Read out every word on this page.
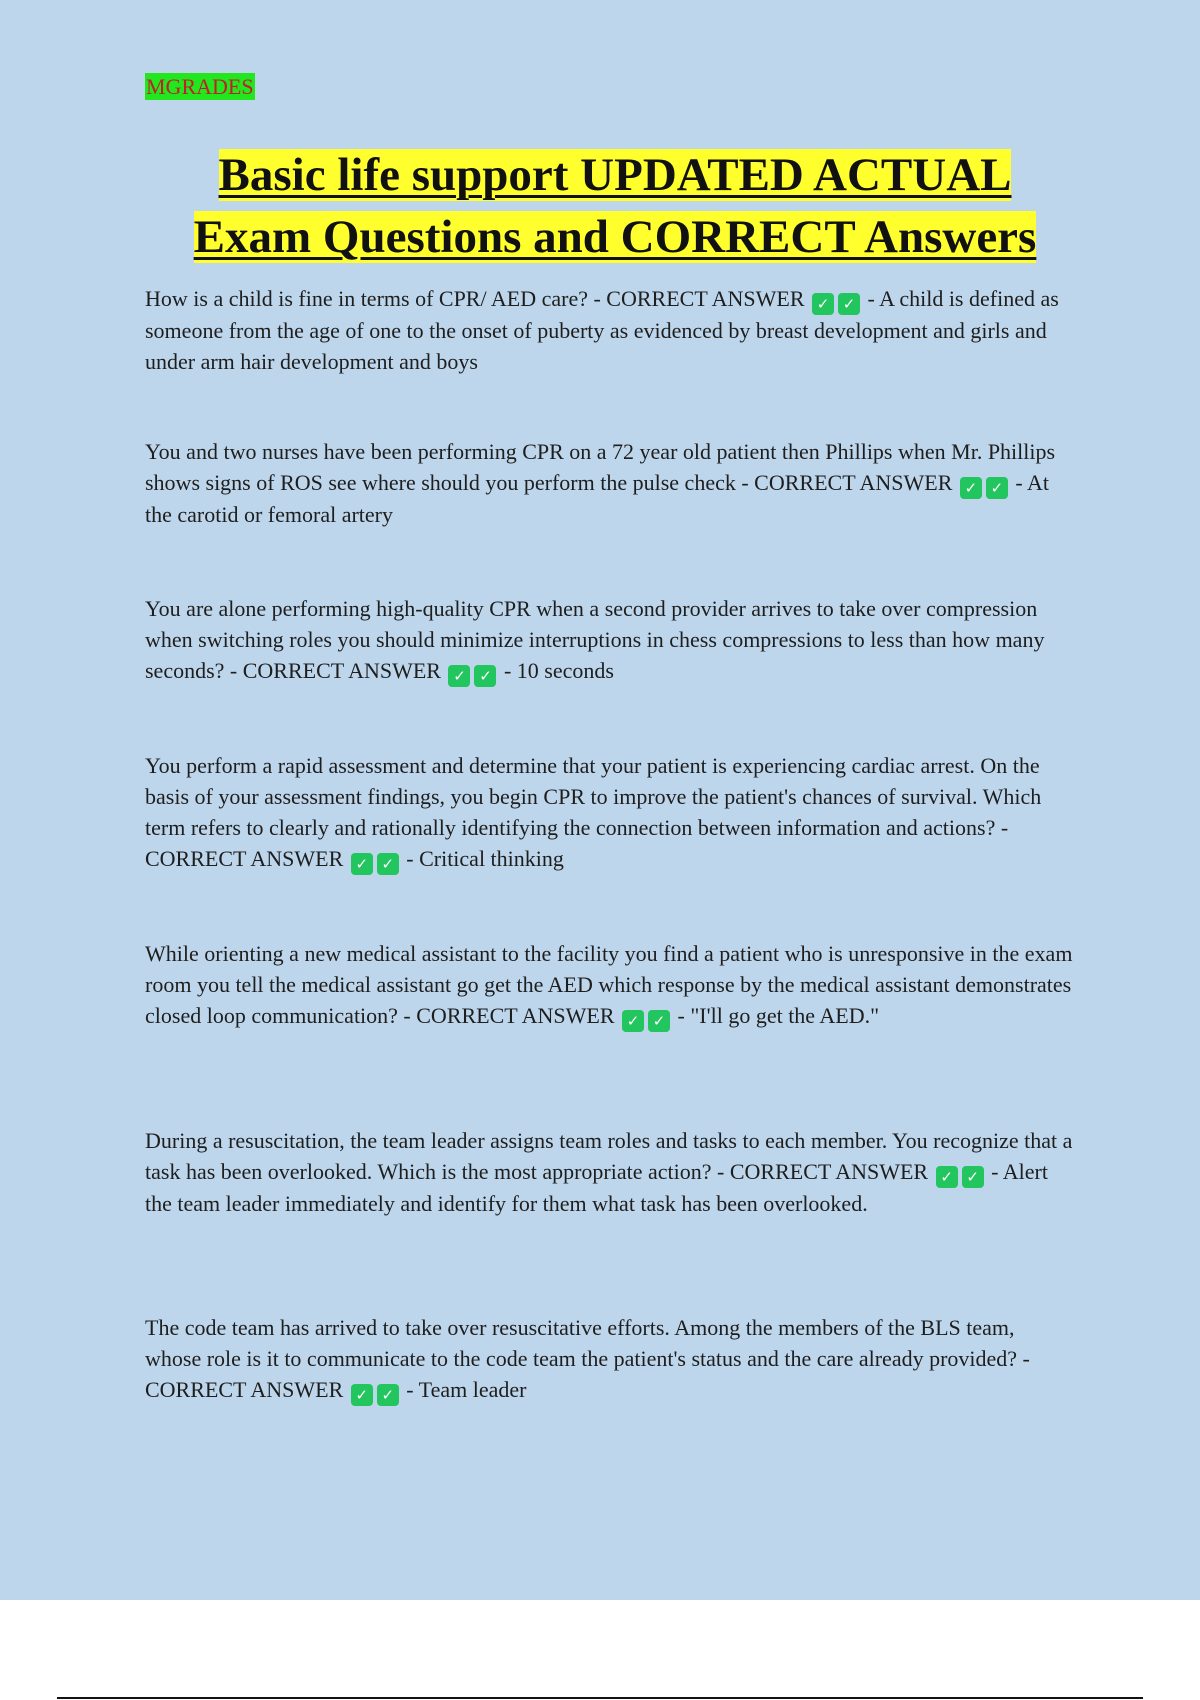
MGRADES
Basic life support UPDATED ACTUAL
Exam Questions and CORRECT Answers

How is a child is fine in terms of CPR/ AED care? - CORRECT ANSWER ✓ ✓ - A child is defined as someone from the age of one to the onset of puberty as evidenced by breast development and girls and under arm hair development and boys

You and two nurses have been performing CPR on a 72 year old patient then Phillips when Mr. Phillips shows signs of ROS see where should you perform the pulse check - CORRECT ANSWER ✓ ✓ - At the carotid or femoral artery

You are alone performing high-quality CPR when a second provider arrives to take over compression when switching roles you should minimize interruptions in chess compressions to less than how many seconds? - CORRECT ANSWER ✓ ✓ - 10 seconds

You perform a rapid assessment and determine that your patient is experiencing cardiac arrest. On the basis of your assessment findings, you begin CPR to improve the patient's chances of survival. Which term refers to clearly and rationally identifying the connection between information and actions? - CORRECT ANSWER ✓ ✓ - Critical thinking

While orienting a new medical assistant to the facility you find a patient who is unresponsive in the exam room you tell the medical assistant go get the AED which response by the medical assistant demonstrates closed loop communication? - CORRECT ANSWER ✓ ✓ - "I'll go get the AED."

During a resuscitation, the team leader assigns team roles and tasks to each member. You recognize that a task has been overlooked. Which is the most appropriate action? - CORRECT ANSWER ✓ ✓ - Alert the team leader immediately and identify for them what task has been overlooked.

The code team has arrived to take over resuscitative efforts. Among the members of the BLS team, whose role is it to communicate to the code team the patient's status and the care already provided? - CORRECT ANSWER ✓ ✓ - Team leader
